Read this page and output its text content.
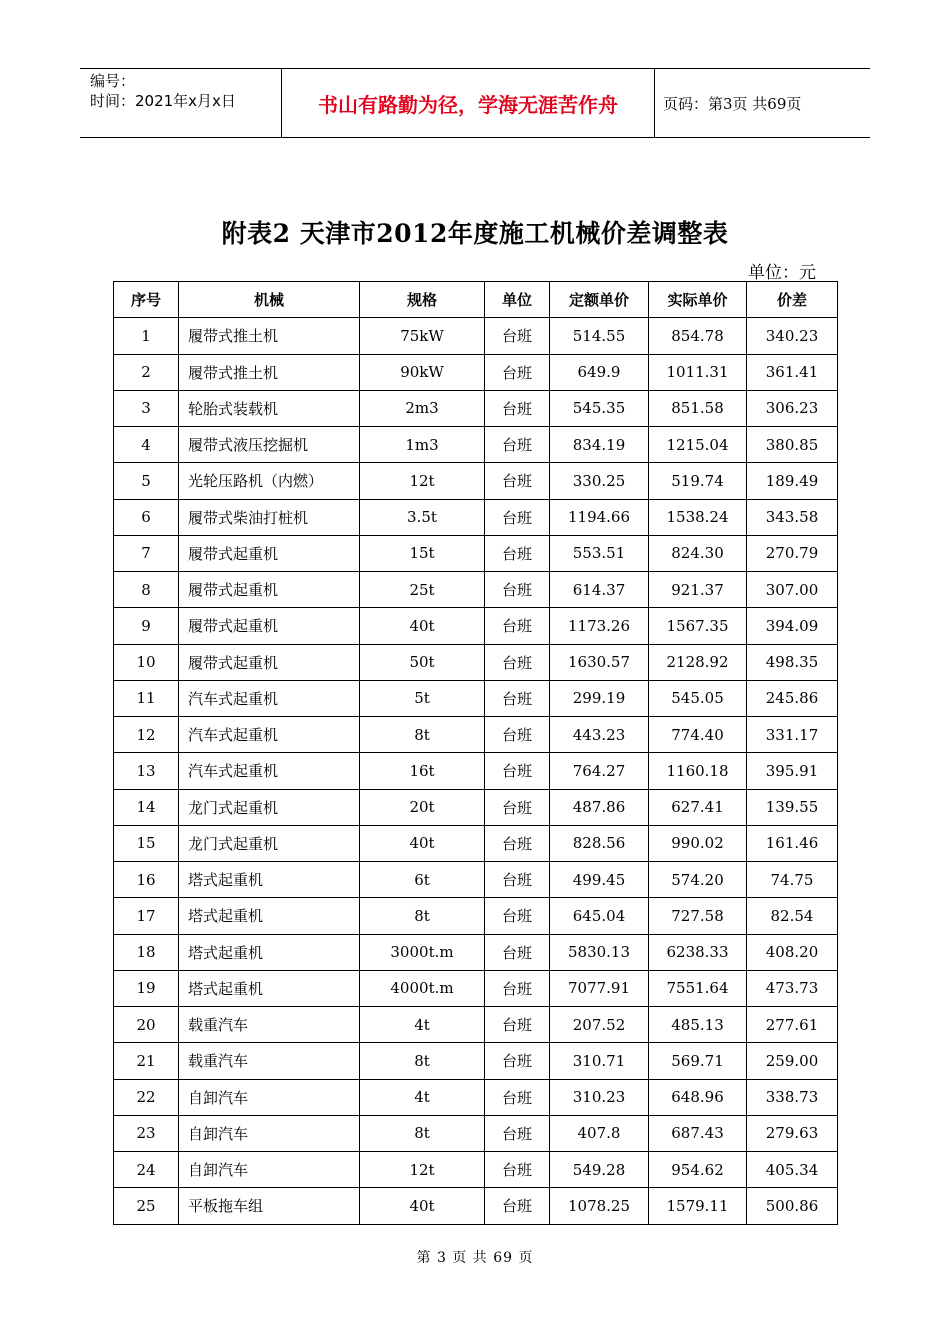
编号：
时间：2021年x月x日	书山有路勤为径，学海无涯苦作舟	页码：第3页 共69页
附表2 天津市2012年度施工机械价差调整表
单位：元
序号	机械	规格	单位	定额单价	实际单价	价差
1	履带式推土机	75kW	台班	514.55	854.78	340.23
2	履带式推土机	90kW	台班	649.9	1011.31	361.41
3	轮胎式装载机	2m3	台班	545.35	851.58	306.23
4	履带式液压挖掘机	1m3	台班	834.19	1215.04	380.85
5	光轮压路机（内燃）	12t	台班	330.25	519.74	189.49
6	履带式柴油打桩机	3.5t	台班	1194.66	1538.24	343.58
7	履带式起重机	15t	台班	553.51	824.30	270.79
8	履带式起重机	25t	台班	614.37	921.37	307.00
9	履带式起重机	40t	台班	1173.26	1567.35	394.09
10	履带式起重机	50t	台班	1630.57	2128.92	498.35
11	汽车式起重机	5t	台班	299.19	545.05	245.86
12	汽车式起重机	8t	台班	443.23	774.40	331.17
13	汽车式起重机	16t	台班	764.27	1160.18	395.91
14	龙门式起重机	20t	台班	487.86	627.41	139.55
15	龙门式起重机	40t	台班	828.56	990.02	161.46
16	塔式起重机	6t	台班	499.45	574.20	74.75
17	塔式起重机	8t	台班	645.04	727.58	82.54
18	塔式起重机	3000t.m	台班	5830.13	6238.33	408.20
19	塔式起重机	4000t.m	台班	7077.91	7551.64	473.73
20	载重汽车	4t	台班	207.52	485.13	277.61
21	载重汽车	8t	台班	310.71	569.71	259.00
22	自卸汽车	4t	台班	310.23	648.96	338.73
23	自卸汽车	8t	台班	407.8	687.43	279.63
24	自卸汽车	12t	台班	549.28	954.62	405.34
25	平板拖车组	40t	台班	1078.25	1579.11	500.86
第 3 页 共 69 页
